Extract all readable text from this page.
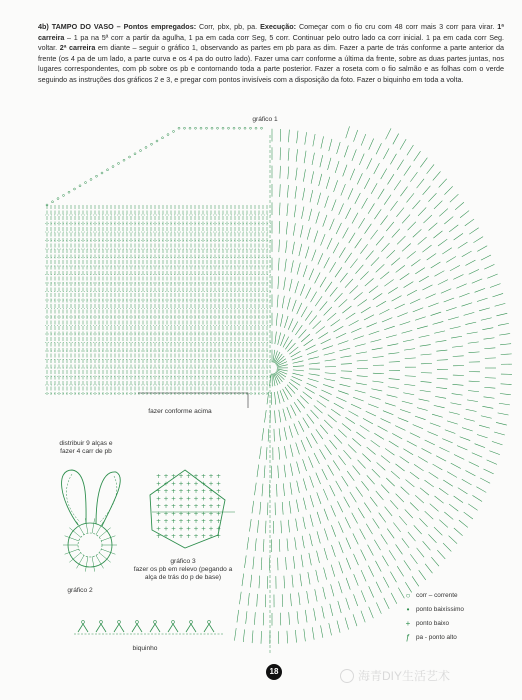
4b) TAMPO DO VASO – Pontos empregados: Corr, pbx, pb, pa. Execução: Começar com o fio cru com 48 corr mais 3 corr para virar. 1ª carreira – 1 pa na 5ª corr a partir da agulha, 1 pa em cada corr Seg, 5 corr. Continuar pelo outro lado ca corr inicial. 1 pa em cada corr Seg. voltar. 2ª carreira em diante – seguir o gráfico 1, observando as partes em pb para as dim. Fazer a parte de trás conforme a parte anterior da frente (os 4 pa de um lado, a parte curva e os 4 pa do outro lado). Fazer uma carr conforme a última da frente, sobre as duas partes juntas, nos lugares correspondentes, com pb sobre os pb e contornando toda a parte posterior. Fazer a roseta com o fio salmão e as folhas com o verde seguindo as instruções dos gráficos 2 e 3, e pregar com pontos invisíveis com a disposição da foto. Fazer o biquinho em toda a volta.
+ + + + + + + + +
+ + + + + + + + +
+ + + + + + + + +
+ + + + + + + + +
+ + + + + + + + +
+ + + + + + + + +
+ + + + + + + + +
+ + + + + + + + +
+ + + + + + + + +
gráfico 1
fazer conforme acima
distribuir 9 alças e fazer 4 carr de pb
gráfico 2
gráfico 3
fazer os pb em relevo (pegando a alça de trás do p de base)
biquinho
○ corr – corrente
•	ponto baixíssimo
+ ponto baixo
ƒ pa - ponto alto
18	海青DIY生活艺术
